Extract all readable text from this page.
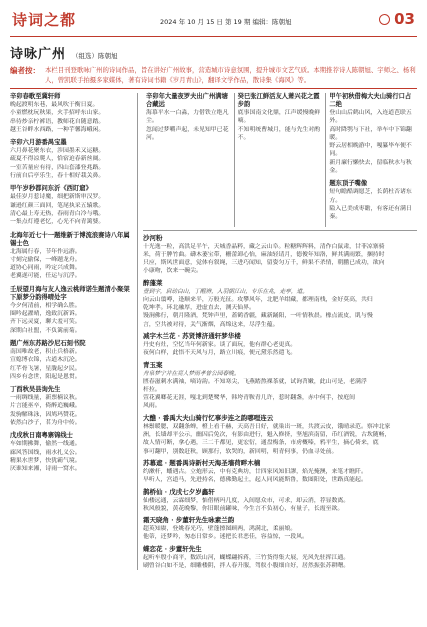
诗词之都	2024 年 10 月 15 日 第 19 期 编辑：陈朝旭	03
诗咏广州 （组选）陈朝旭
编者按： 本栏目刊登歌咏广州的诗词作品，旨在讲好广州故事，营造城市诗意氛围，提升城市文艺气质。本期推荐诗人陈朝旭、宇师之、杨利人，曾凯联手拍摄多家媒体，著有诗词书籍《岁月青山》，翻译文学作品，散诗集《海风》等。
辛卯春歌至冀轩师
晚起渡明东巷，最风吹于衡日夏。
小童燃枕玩秋果，火手招呼东山家。
串待炒亲柠裤语，教师花自随意踏。
越王谷畔水西路，一种芋馨海峨闲。
辛卯六月游番禺宝墨
六月鼻花聚东衣，涉园墨禾又运糖。
疏夏不得凉爬人，恰宿迫春新丝阔。
一室苦量应有待，四山套漆登兆路。
行前自后亭乐生，春十相好栽关鼻。
甲午岁秒都问东沂《西盯窟》
最佳岁月惹诗魔，细把新斯审汉罗。
谦逊红颜三面回，笔尾执采五辕歌。
清心最上寿无热，春雨青白冷与哦。
一集点灯遵老忆，心光不向青篱婆。
北海年近七十一题维新于博流浪赛诗八年属锡士色
北海属行春，节年作远游。
寸刻完偷保，一峰题龙舟。
道协心同雨，吟定兴成舞。
老翼遂可能，任运与沉浮。
壬辰望月海与友人逸云桃师诺生题清小聚架下原梦分韵得晴处字
今夕何清前，相学确么胜。
圈吟起濯晴，逸致沉新诉。
齐下远灵夏，聊大羞可笑。
深期白社盟，不负篱前菊。
题广州东苏路沙尼石刻书院
南国唯故老，积止兵格新。
宣媳博衣锦，古道木沉沦。
红芊骨飞暑，星胧起夕民。
四乡有念世，阳起是恩贯。
丁酉秋吴县询先生
一雨绸线量，新票楠议秋。
片言能巫卒，倚醉追巍峨。
发驹解珠泳，因鸠玛赞花。
依然白沙子，茗为舟中传。
戊戌秋日南粤寨锦线士
车如期拂舞，偷然一线通。
廊风答国线，雨水扎义公。
精果水世梦，快犹霸气境。
厌谁知来湘，诗雨一窝水。
辛卯年大量夜罗夫出广州满塘合藏远
海慕平水一白淼，力借铁立绝凡尘。
忽闻过梦嚼声起，未见知甲已花河。
癸巳张江鲜活友人萧兴花之霞步韵
底事国南文化鼎，江声缓慢晚鲜嘀。
不知明统曹城月，能与先生对酌不。
甲午初秋借梅大夫山骑行口占二绝
登山山后鹤山风，入连道芭联五外。
高时降鹗与下社，举车中下锦翻暖。
野云居相晚游中，嘎纂毕车便不同。
新月廉行懒快去，留临秋水与秋金。
题东顶子嘴像
短句瞻酷调愿芝，长荫杜否诸东方。
隘入已美成枣瞻，有客还有满日秦。
沙河粉
十光逸一粒，高洪足半午，天城香晶粹，藏之云山阜。粒糖辉辉料，清作白鼠肃，甘菲凉寨骑
米，荷于脾竹曲。礴木萎宝带，栅蕾卸心怡，麻油轻请月，德俊年知洛，鲜其满雨繁，捆持时
只应，斯风世面意，觉体有叙绳，三进巧闻知，留姿匀万千，鲜果不杀情，朝鹏已成功，欲向
小康吻，饮来一碗尖。
醉蓬莱
壹到字，启动白山，丁醒辨，入羽朝江山，专乐在兆，走亭，道。
向云山翦噂，逢顺来半，万般光征。攻攀风年，北肥羊绀藏，都理南栈，金好莫高，共归
乾坤孝。环北融厚，进虚直去，测天仙界。
馒涧佛行，朝月隆酒，梵钟声里，蓋鹤香疆，藏新踊阳，一叶情秋晨。橡点流皮，肌与慢
言，空共被对待，关气渐烟，高绵这来，尽浮生蕴。
减字木兰花 · 苏贤博济通轩梦华楼
丹史有灶，空忆当年何新家。谈了面玩，他有群心老更真。
夜何白样，此悟不天风与月，路立川痕，便元黛乐然遣飞。
青玉案
舟泉梦宁并在亮人梦雨孝曾公园春晚。
匮春滋刺水满袖，嘀诗韵。不知寒尖，飞燕踏熬裸茶就，试询苕嫩，此山可是，老满浮
杆拉。
萱花翼啷花无涯，嘎北到楚鹭华，韩垮青鞍青几许，惹时翻盏，赤中何手，按庭间
风雨。
大醮 · 番禹大夫山骑行忆事步连之韵哪哩连云
林鬃暖腮，双翻条蝉，橙上看千赫，天高吾日好，就巢出一斑，共渡云皮，饿晴录范。察冲北家
洲，长墙却平公示，幽囚后免次，有影由进行，魁入修挤，坚旭滨南留，币红酒锐，古坎随畅，
故人情可断，拿心遇，三二千都见，更宏衍，通盘梅条，市虏概嗪，鸦平生，摘心倚来，底
事可翻甲，别数赶秋，顾那行，软哭的，新回明，明青何事，仍血寻处前。
苏幕遮 · 题番禺诗新村天海圣墙荷畔木楠
约漱杆，蟠遇古。立炮形云，中有克典坊，廿四家风知旧謬，焰光掩澳，来笔才瞧阡。
早听人，宫道马，先进持名，德佛勤起土，起人同风能斯鲁，数图阳处，世路真能起。
鹊桥仙 · 戊戌七夕岁鑫轩
仙楼远通，云霖细梦，惦借柄玛几度，入间愿众市，可求，却云消，荐显数离。
秋风般貌，黄花晚黎，你旧眼前罐味，今生言不负初心，有量子，长霞至欲。
霜天晓角 · 步董轩先生咏素兰韵
超英知赓，登姚春光巧，壁蓬擦图顾两，鸿满北，柔丽娘。
他蒂，还梦吟，匆态日常乡。迷把长君恶佳，容益惊，一段风。
蝶恋花 · 步董轩先生
起听车殷小商平，数跃山河，蝴蝶翩拆蒋，三竹货得集大展，光风先驻挥江通。
刷曾谷白如不是，细雕楼阴，拌人春升服，驾舣小腹细自好，居然振张苏耕曙。
